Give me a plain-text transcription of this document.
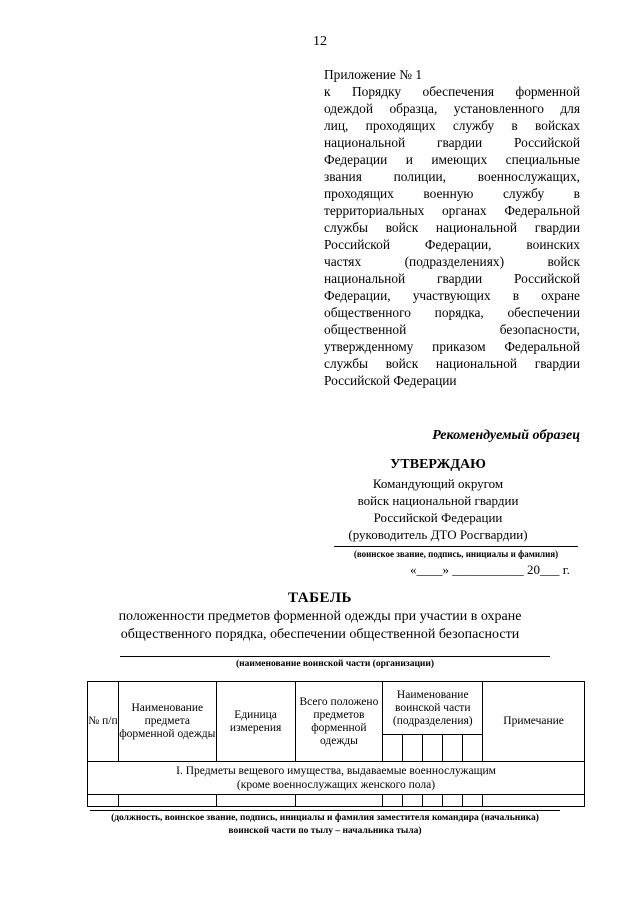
12
Приложение № 1
к Порядку обеспечения форменной
одеждой образца, установленного для
лиц, проходящих службу в войсках
национальной гвардии Российской
Федерации и имеющих специальные
звания полиции, военнослужащих,
проходящих военную службу в
территориальных органах Федеральной
службы войск национальной гвардии
Российской Федерации, воинских
частях (подразделениях) войск
национальной гвардии Российской
Федерации, участвующих в охране
общественного порядка, обеспечении
общественной безопасности,
утвержденному приказом Федеральной
службы войск национальной гвардии
Российской Федерации
Рекомендуемый образец
УТВЕРЖДАЮ
Командующий округом
войск национальной гвардии
Российской Федерации
(руководитель ДТО Росгвардии)
(воинское звание, подпись, инициалы и фамилия)
«____» ___________ 20___ г.
ТАБЕЛЬ
положенности предметов форменной одежды при участии в охране
общественного порядка, обеспечении общественной безопасности
(наименование воинской части (организации)
№ п/п	Наименование предмета форменной одежды	Единица измерения	Всего положено предметов форменной одежды	Наименование воинской части (подразделения)					Примечание

I. Предметы вещевого имущества, выдаваемые военнослужащим
(кроме военнослужащих женского пола)									

(должность, воинское звание, подпись, инициалы и фамилия заместителя командира (начальника)
воинской части по тылу – начальника тыла)
